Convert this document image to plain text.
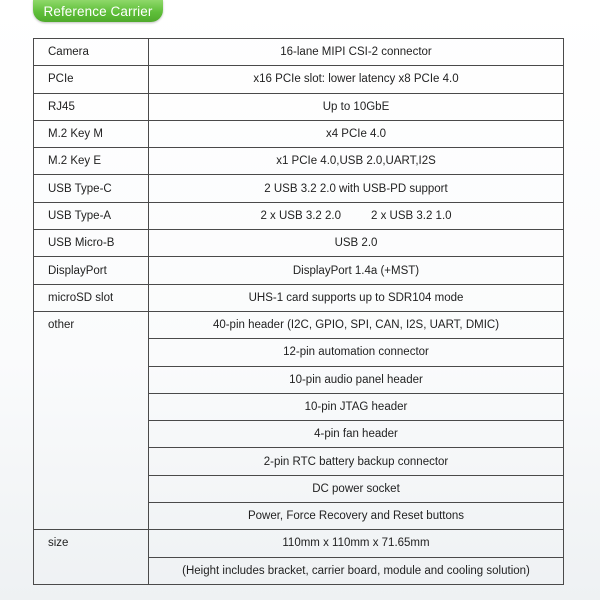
Reference Carrier
Camera	16-lane MIPI CSI-2 connector
PCIe	x16 PCIe slot: lower latency x8 PCIe 4.0
RJ45	Up to 10GbE
M.2 Key M	x4 PCIe 4.0
M.2 Key E	x1 PCIe 4.0,USB 2.0,UART,I2S
USB Type-C	2 USB 3.2 2.0 with USB-PD support
USB Type-A	2 x USB 3.2 2.0 2 x USB 3.2 1.0
USB Micro-B	USB 2.0
DisplayPort	DisplayPort 1.4a (+MST)
microSD slot	UHS-1 card supports up to SDR104 mode
other	40-pin header (I2C, GPIO, SPI, CAN, I2S, UART, DMIC)
	12-pin automation connector
	10-pin audio panel header
	10-pin JTAG header
	4-pin fan header
	2-pin RTC battery backup connector
	DC power socket
	Power, Force Recovery and Reset buttons
size	110mm x 110mm x 71.65mm
	(Height includes bracket, carrier board, module and cooling solution)
